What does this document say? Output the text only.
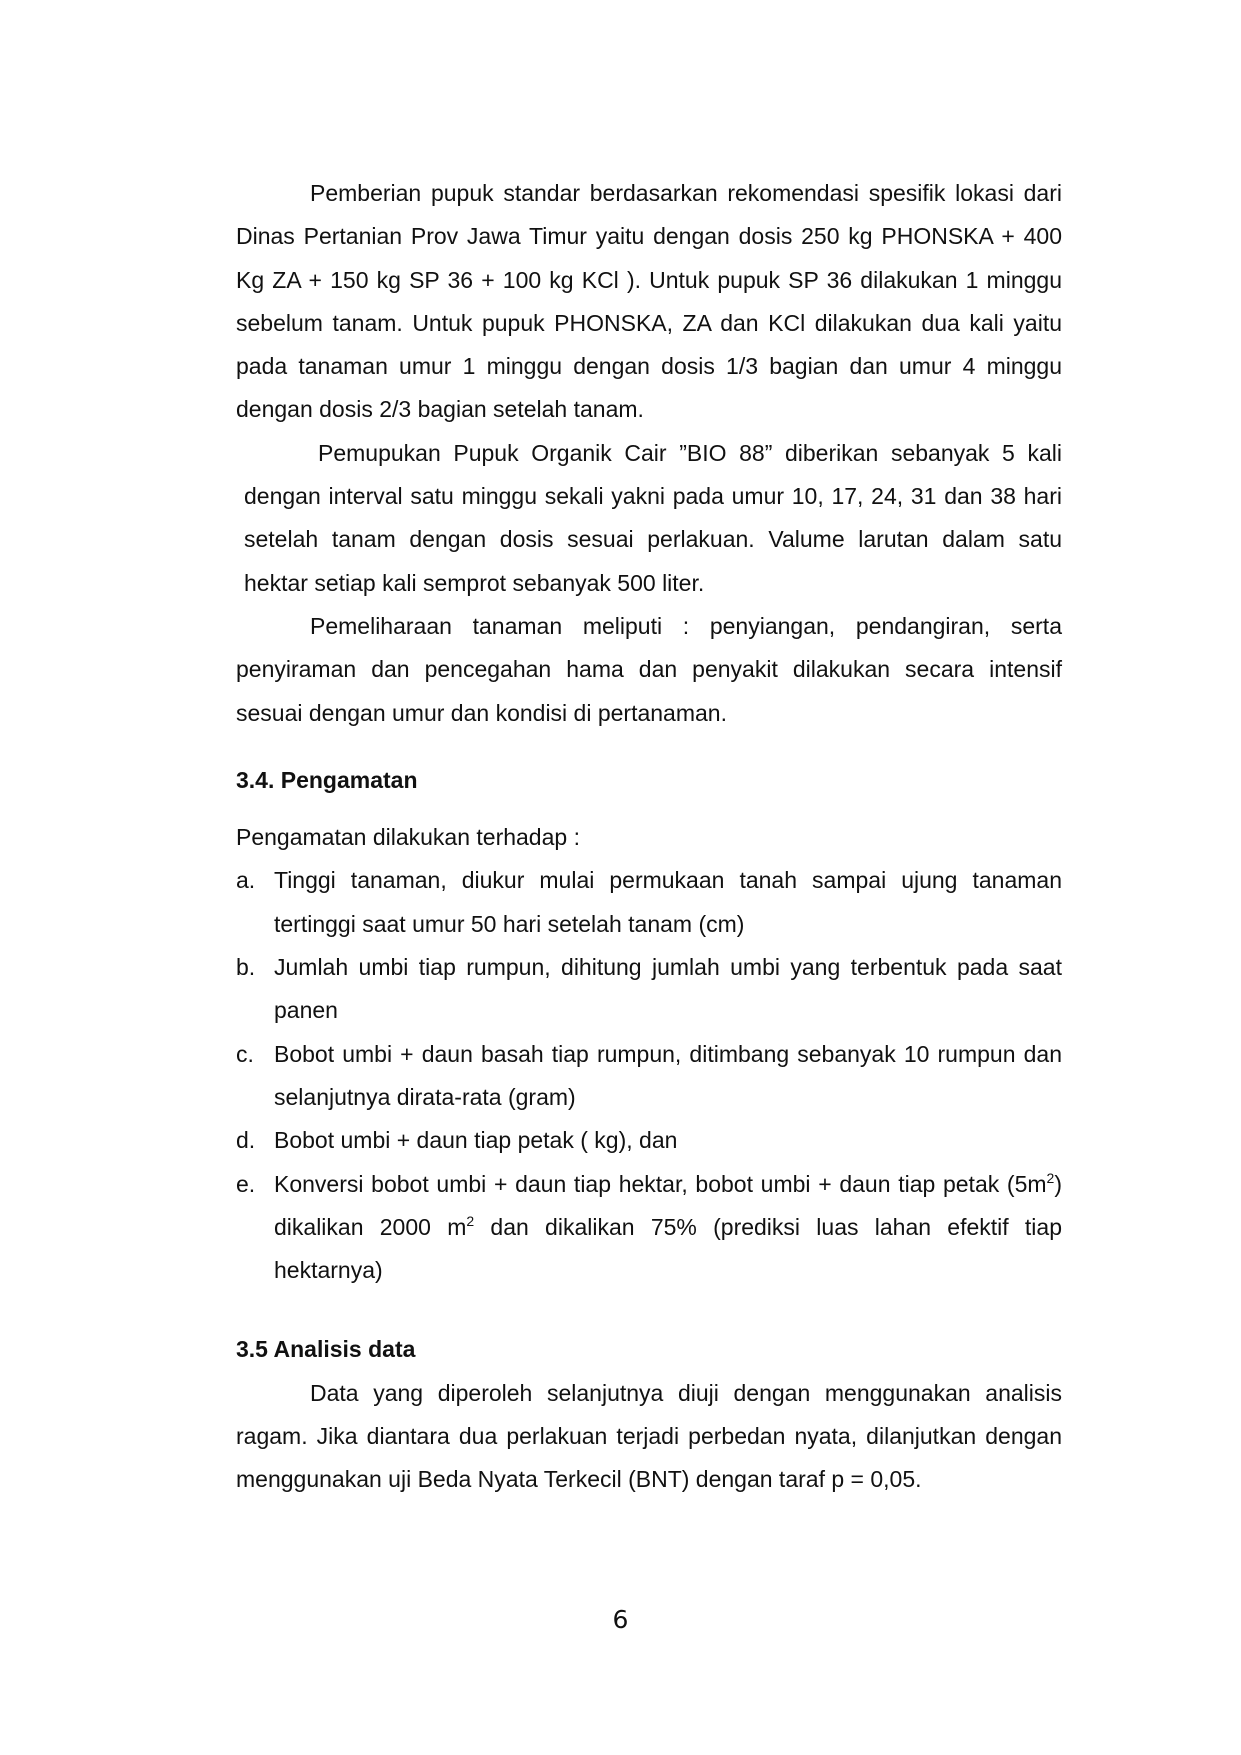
Pemberian pupuk standar berdasarkan rekomendasi spesifik lokasi dari Dinas Pertanian Prov Jawa Timur yaitu dengan dosis 250 kg PHONSKA + 400 Kg ZA + 150 kg SP 36 + 100 kg KCl ). Untuk pupuk SP 36 dilakukan 1 minggu sebelum tanam. Untuk pupuk PHONSKA, ZA dan KCl dilakukan dua kali yaitu pada tanaman umur 1 minggu dengan dosis 1/3 bagian dan umur 4 minggu dengan dosis 2/3 bagian setelah tanam.

Pemupukan Pupuk Organik Cair ”BIO 88” diberikan sebanyak 5 kali dengan interval satu minggu sekali yakni pada umur 10, 17, 24, 31 dan 38 hari setelah tanam dengan dosis sesuai perlakuan. Valume larutan dalam satu hektar setiap kali semprot sebanyak 500 liter.

Pemeliharaan tanaman meliputi : penyiangan, pendangiran, serta penyiraman dan pencegahan hama dan penyakit dilakukan secara intensif sesuai dengan umur dan kondisi di pertanaman.

3.4. Pengamatan

Pengamatan dilakukan terhadap :

a. Tinggi tanaman, diukur mulai permukaan tanah sampai ujung tanaman tertinggi saat umur 50 hari setelah tanam (cm)
b. Jumlah umbi tiap rumpun, dihitung jumlah umbi yang terbentuk pada saat panen
c. Bobot umbi + daun basah tiap rumpun, ditimbang sebanyak 10 rumpun dan selanjutnya dirata-rata (gram)
d. Bobot umbi + daun tiap petak ( kg), dan
e. Konversi bobot umbi + daun tiap hektar, bobot umbi + daun tiap petak $(5m^2)$ dikalikan 2000 $m^2$ dan dikalikan 75% (prediksi luas lahan efektif tiap hektarnya)
3.5 Analisis data

Data yang diperoleh selanjutnya diuji dengan menggunakan analisis ragam. Jika diantara dua perlakuan terjadi perbedan nyata, dilanjutkan dengan menggunakan uji Beda Nyata Terkecil (BNT) dengan taraf p = 0,05.

6
